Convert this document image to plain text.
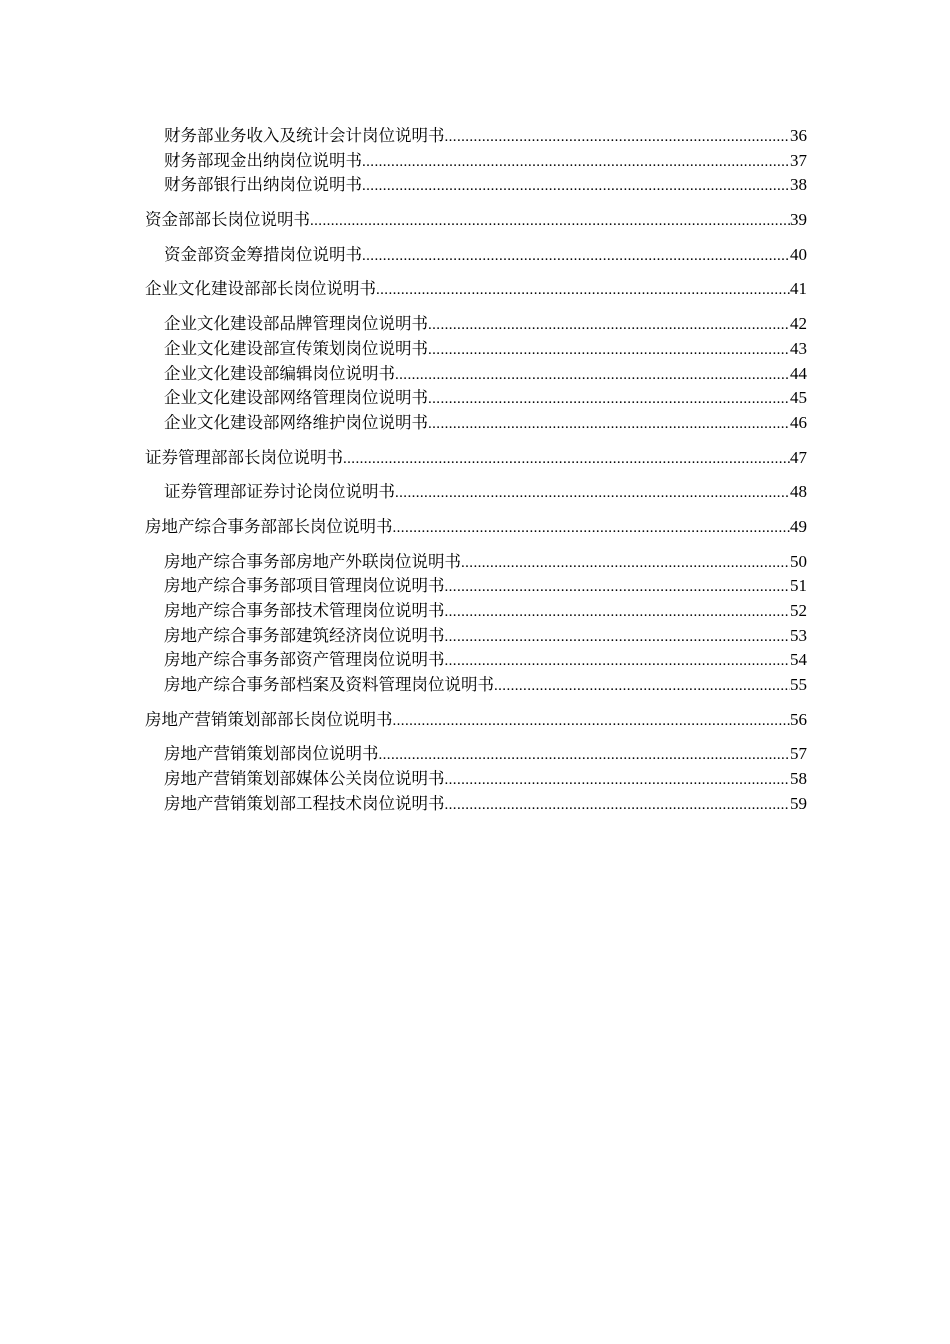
财务部业务收入及统计会计岗位说明书 .....	36
财务部现金出纳岗位说明书 .....	37
财务部银行出纳岗位说明书 .....	38
资金部部长岗位说明书 .....	39
资金部资金筹措岗位说明书 .....	40
企业文化建设部部长岗位说明书 .....	41
企业文化建设部品牌管理岗位说明书 .....	42
企业文化建设部宣传策划岗位说明书 .....	43
企业文化建设部编辑岗位说明书 .....	44
企业文化建设部网络管理岗位说明书 .....	45
企业文化建设部网络维护岗位说明书 .....	46
证券管理部部长岗位说明书 .....	47
证券管理部证券讨论岗位说明书 .....	48
房地产综合事务部部长岗位说明书 .....	49
房地产综合事务部房地产外联岗位说明书 .....	50
房地产综合事务部项目管理岗位说明书 .....	51
房地产综合事务部技术管理岗位说明书 .....	52
房地产综合事务部建筑经济岗位说明书 .....	53
房地产综合事务部资产管理岗位说明书 .....	54
房地产综合事务部档案及资料管理岗位说明书 .....	55
房地产营销策划部部长岗位说明书 .....	56
房地产营销策划部岗位说明书 .....	57
房地产营销策划部媒体公关岗位说明书 .....	58
房地产营销策划部工程技术岗位说明书 .....	59
